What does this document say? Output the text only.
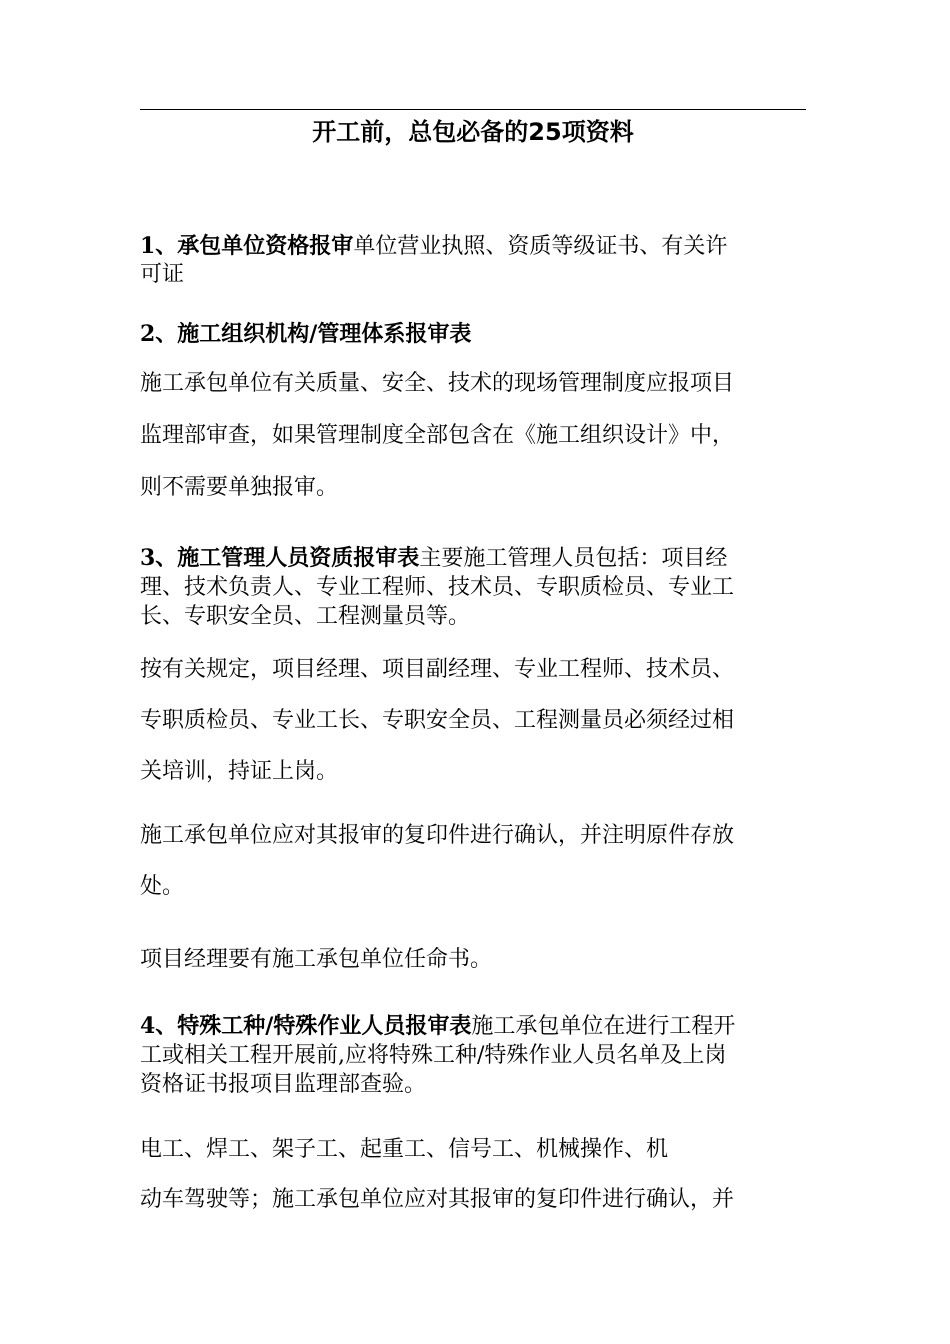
开工前，总包必备的25项资料
1、承包单位资格报审单位营业执照、资质等级证书、有关许
可证
2、施工组织机构/管理体系报审表
施工承包单位有关质量、安全、技术的现场管理制度应报项目
监理部审查，如果管理制度全部包含在《施工组织设计》中，
则不需要单独报审。
3、施工管理人员资质报审表主要施工管理人员包括：项目经
理、技术负责人、专业工程师、技术员、专职质检员、专业工
长、专职安全员、工程测量员等。
按有关规定，项目经理、项目副经理、专业工程师、技术员、
专职质检员、专业工长、专职安全员、工程测量员必须经过相
关培训，持证上岗。
施工承包单位应对其报审的复印件进行确认，并注明原件存放
处。
项目经理要有施工承包单位任命书。
4、特殊工种/特殊作业人员报审表施工承包单位在进行工程开
工或相关工程开展前,应将特殊工种/特殊作业人员名单及上岗
资格证书报项目监理部查验。
电工、焊工、架子工、起重工、信号工、机械操作、机
动车驾驶等；施工承包单位应对其报审的复印件进行确认，并
